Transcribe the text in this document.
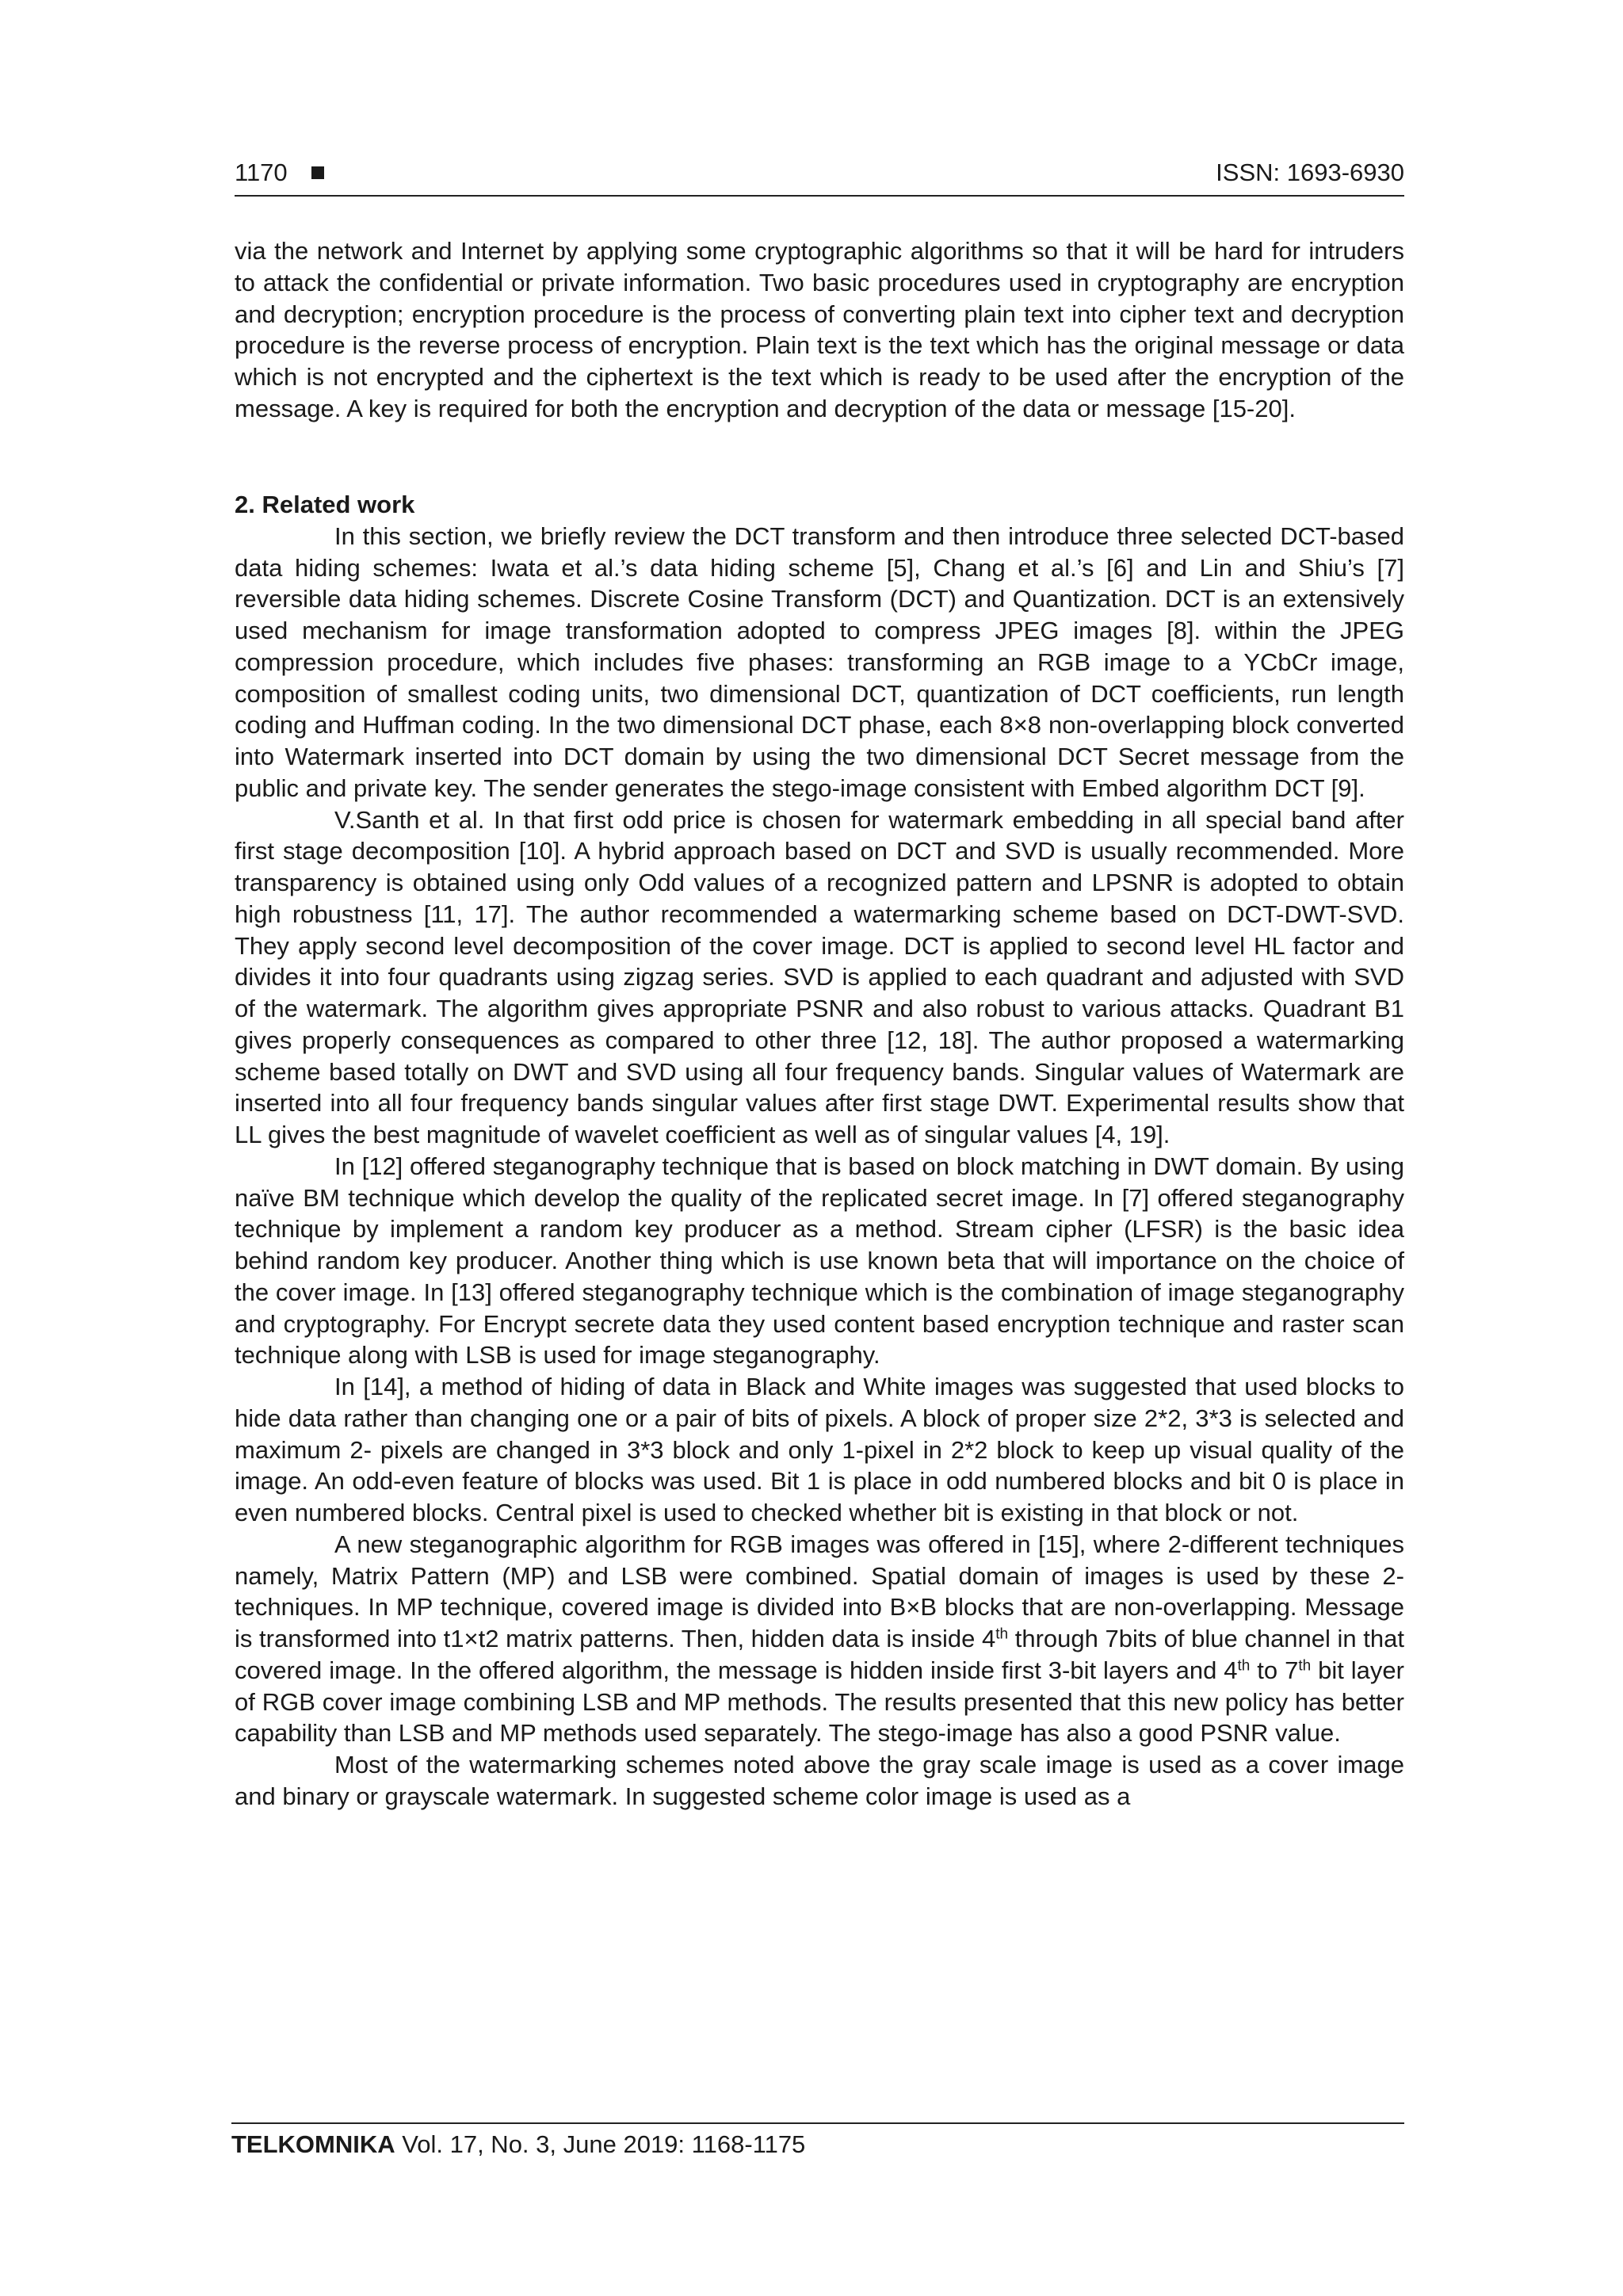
1170	ISSN: 1693-6930

via the network and Internet by applying some cryptographic algorithms so that it will be hard for intruders to attack the confidential or private information. Two basic procedures used in cryptography are encryption and decryption; encryption procedure is the process of converting plain text into cipher text and decryption procedure is the reverse process of encryption. Plain text is the text which has the original message or data which is not encrypted and the ciphertext is the text which is ready to be used after the encryption of the message. A key is required for both the encryption and decryption of the data or message [15-20].

2. Related work

In this section, we briefly review the DCT transform and then introduce three selected DCT-based data hiding schemes: Iwata et al.’s data hiding scheme [5], Chang et al.’s [6] and Lin and Shiu’s [7] reversible data hiding schemes. Discrete Cosine Transform (DCT) and Quantization. DCT is an extensively used mechanism for image transformation adopted to compress JPEG images [8]. within the JPEG compression procedure, which includes five phases: transforming an RGB image to a YCbCr image, composition of smallest coding units, two dimensional DCT, quantization of DCT coefficients, run length coding and Huffman coding. In the two dimensional DCT phase, each 8×8 non-overlapping block converted into Watermark inserted into DCT domain by using the two dimensional DCT Secret message from the public and private key. The sender generates the stego-image consistent with Embed algorithm DCT [9].

V.Santh et al. In that first odd price is chosen for watermark embedding in all special band after first stage decomposition [10]. A hybrid approach based on DCT and SVD is usually recommended. More transparency is obtained using only Odd values of a recognized pattern and LPSNR is adopted to obtain high robustness [11, 17]. The author recommended a watermarking scheme based on DCT-DWT-SVD. They apply second level decomposition of the cover image. DCT is applied to second level HL factor and divides it into four quadrants using zigzag series. SVD is applied to each quadrant and adjusted with SVD of the watermark. The algorithm gives appropriate PSNR and also robust to various attacks. Quadrant B1 gives properly consequences as compared to other three [12, 18]. The author proposed a watermarking scheme based totally on DWT and SVD using all four frequency bands. Singular values of Watermark are inserted into all four frequency bands singular values after first stage DWT. Experimental results show that LL gives the best magnitude of wavelet coefficient as well as of singular values [4, 19].

In [12] offered steganography technique that is based on block matching in DWT domain. By using naïve BM technique which develop the quality of the replicated secret image. In [7] offered steganography technique by implement a random key producer as a method. Stream cipher (LFSR) is the basic idea behind random key producer. Another thing which is use known beta that will importance on the choice of the cover image. In [13] offered steganography technique which is the combination of image steganography and cryptography. For Encrypt secrete data they used content based encryption technique and raster scan technique along with LSB is used for image steganography.

In [14], a method of hiding of data in Black and White images was suggested that used blocks to hide data rather than changing one or a pair of bits of pixels. A block of proper size 2*2, 3*3 is selected and maximum 2- pixels are changed in 3*3 block and only 1-pixel in 2*2 block to keep up visual quality of the image. An odd-even feature of blocks was used. Bit 1 is place in odd numbered blocks and bit 0 is place in even numbered blocks. Central pixel is used to checked whether bit is existing in that block or not.

A new steganographic algorithm for RGB images was offered in [15], where 2-different techniques namely, Matrix Pattern (MP) and LSB were combined. Spatial domain of images is used by these 2-techniques. In MP technique, covered image is divided into B×B blocks that are non-overlapping. Message is transformed into t1×t2 matrix patterns. Then, hidden data is inside 4th through 7bits of blue channel in that covered image. In the offered algorithm, the message is hidden inside first 3-bit layers and 4th to 7th bit layer of RGB cover image combining LSB and MP methods. The results presented that this new policy has better capability than LSB and MP methods used separately. The stego-image has also a good PSNR value.

Most of the watermarking schemes noted above the gray scale image is used as a cover image and binary or grayscale watermark. In suggested scheme color image is used as a

TELKOMNIKA Vol. 17, No. 3, June 2019: 1168-1175
